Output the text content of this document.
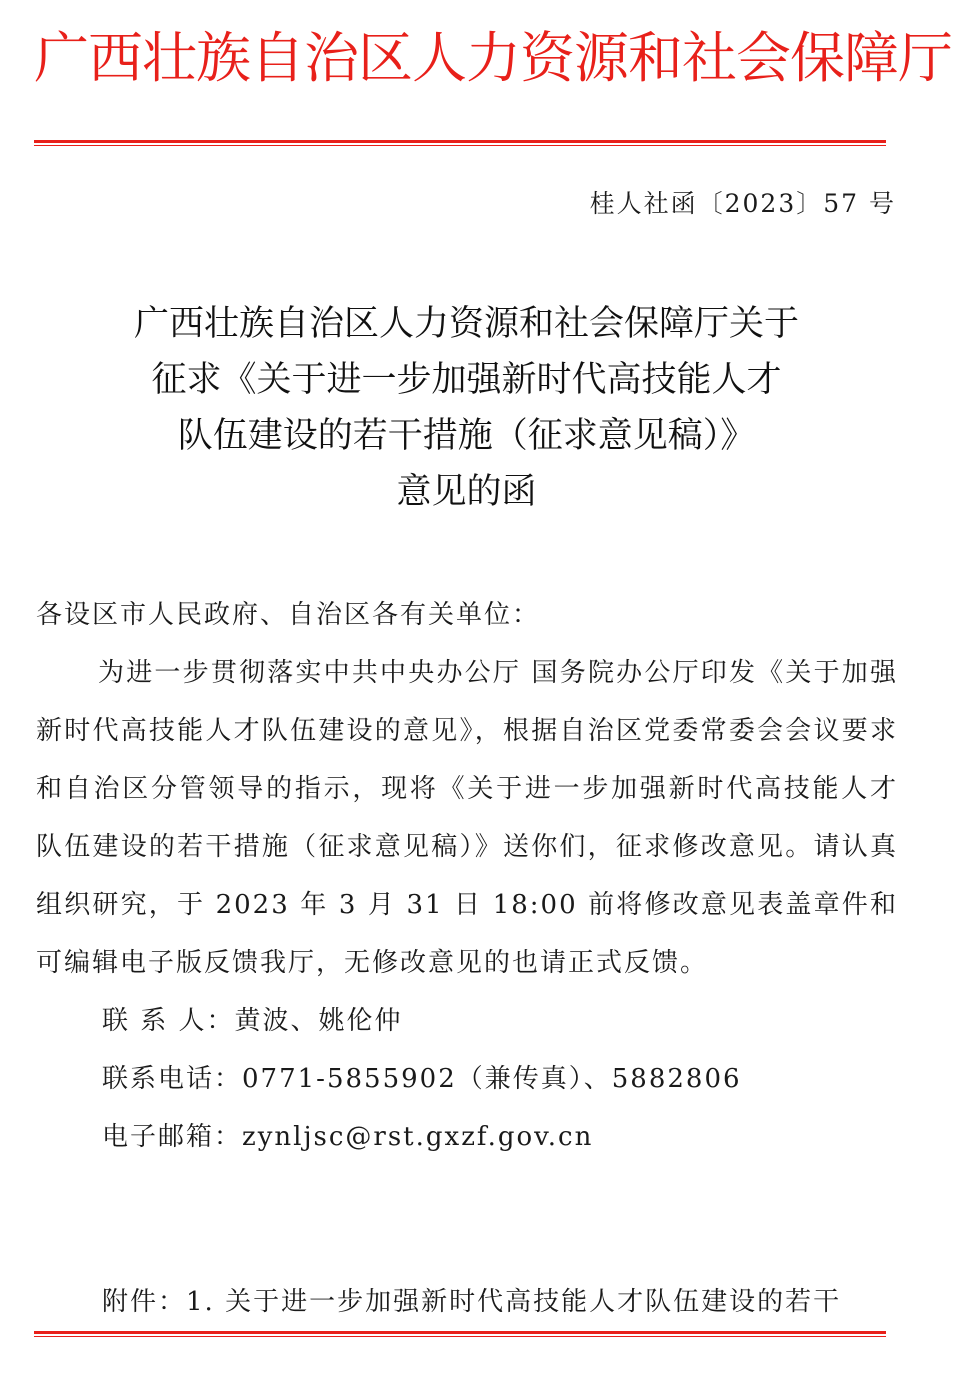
广西壮族自治区人力资源和社会保障厅
桂人社函〔2023〕57 号
广西壮族自治区人力资源和社会保障厅关于
征求《关于进一步加强新时代高技能人才
队伍建设的若干措施（征求意见稿）》
意见的函
各设区市人民政府、自治区各有关单位：
为进一步贯彻落实中共中央办公厅 国务院办公厅印发《关于加强新时代高技能人才队伍建设的意见》，根据自治区党委常委会会议要求和自治区分管领导的指示，现将《关于进一步加强新时代高技能人才队伍建设的若干措施（征求意见稿）》送你们，征求修改意见。请认真组织研究，于 2023 年 3 月 31 日 18:00 前将修改意见表盖章件和可编辑电子版反馈我厅，无修改意见的也请正式反馈。
联 系 人：黄波、姚伦仲
联系电话：0771-5855902（兼传真）、5882806
电子邮箱：zynljsc@rst.gxzf.gov.cn
附件：1. 关于进一步加强新时代高技能人才队伍建设的若干
